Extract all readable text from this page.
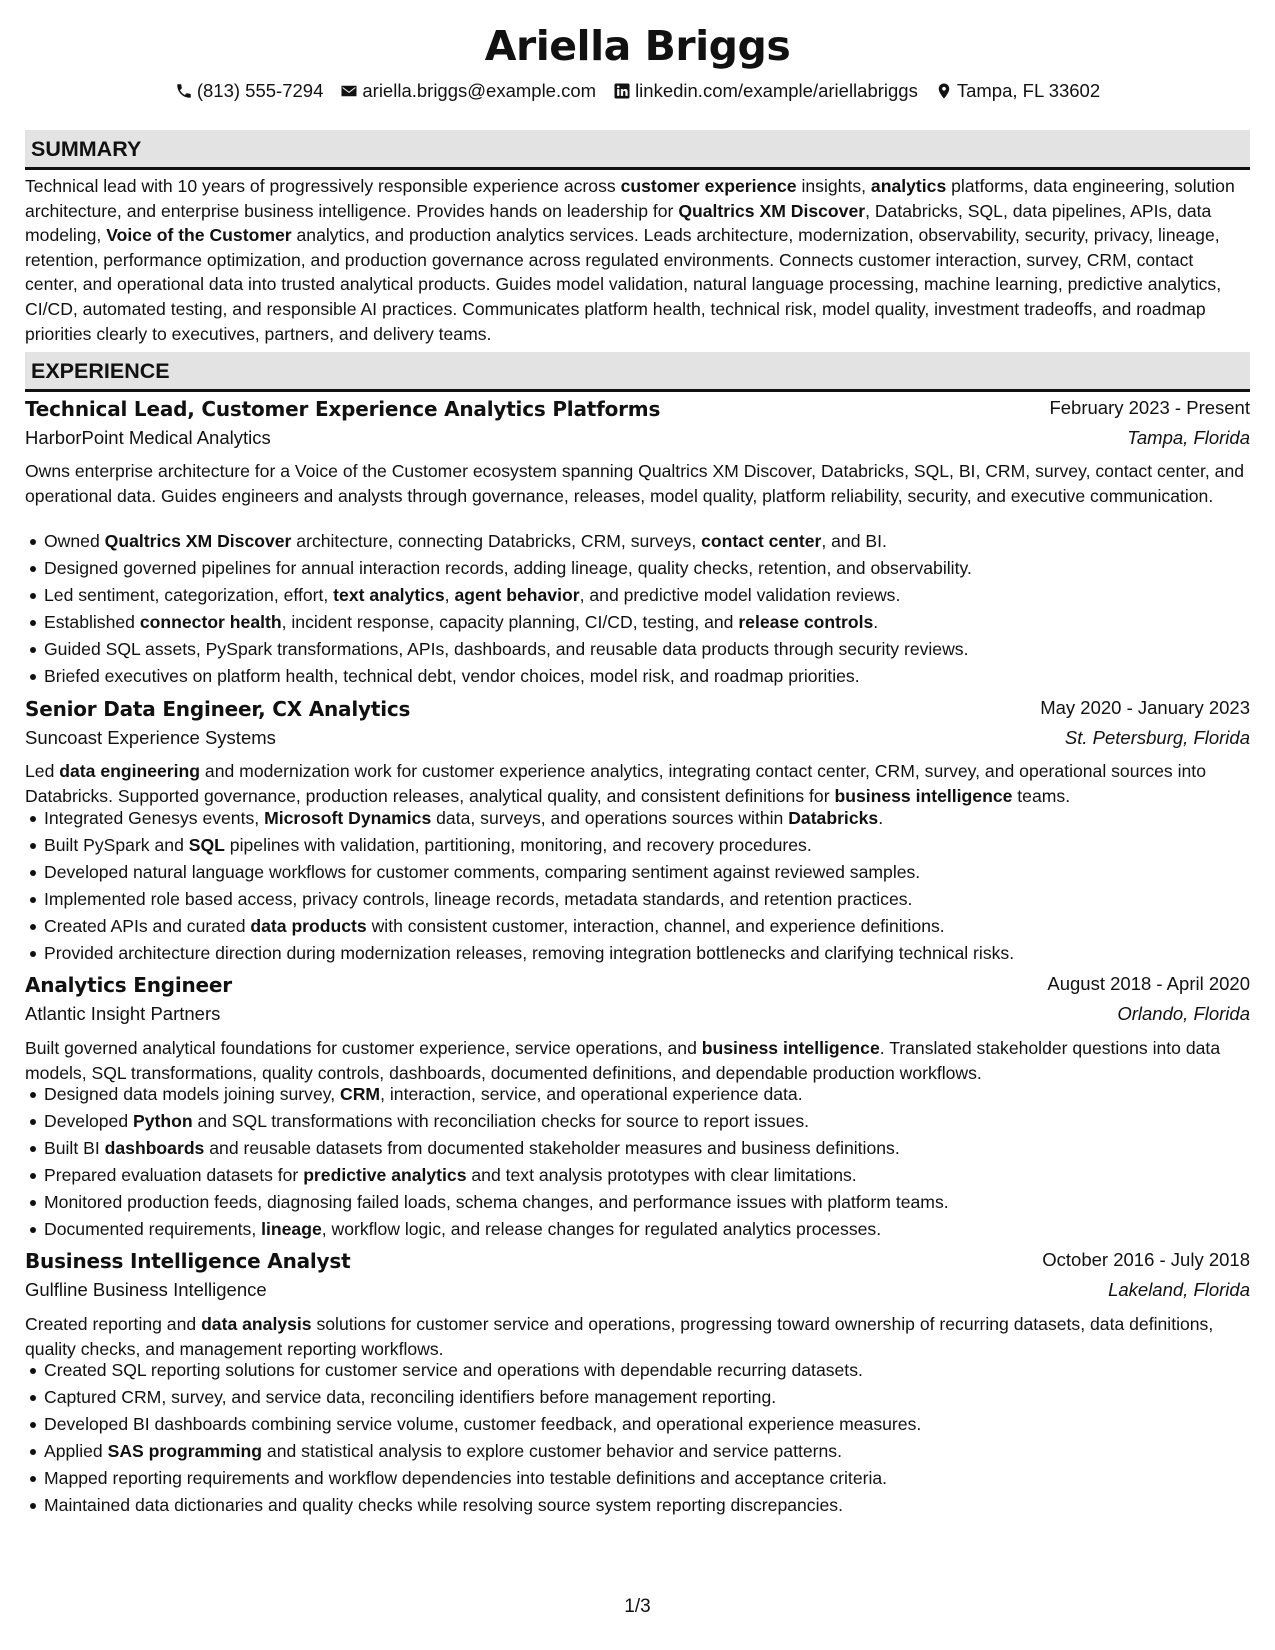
Ariella Briggs
(813) 555-7294 ariella.briggs@example.com linkedin.com/example/ariellabriggs Tampa, FL 33602
SUMMARY
Technical lead with 10 years of progressively responsible experience across customer experience insights, analytics platforms, data engineering, solution architecture, and enterprise business intelligence. Provides hands on leadership for Qualtrics XM Discover, Databricks, SQL, data pipelines, APIs, data modeling, Voice of the Customer analytics, and production analytics services. Leads architecture, modernization, observability, security, privacy, lineage, retention, performance optimization, and production governance across regulated environments. Connects customer interaction, survey, CRM, contact center, and operational data into trusted analytical products. Guides model validation, natural language processing, machine learning, predictive analytics, CI/CD, automated testing, and responsible AI practices. Communicates platform health, technical risk, model quality, investment tradeoffs, and roadmap priorities clearly to executives, partners, and delivery teams.
EXPERIENCE
Technical Lead, Customer Experience Analytics Platforms	February 2023 - Present
HarborPoint Medical Analytics	Tampa, Florida
Owns enterprise architecture for a Voice of the Customer ecosystem spanning Qualtrics XM Discover, Databricks, SQL, BI, CRM, survey, contact center, and operational data. Guides engineers and analysts through governance, releases, model quality, platform reliability, security, and executive communication.
Owned Qualtrics XM Discover architecture, connecting Databricks, CRM, surveys, contact center, and BI.
Designed governed pipelines for annual interaction records, adding lineage, quality checks, retention, and observability.
Led sentiment, categorization, effort, text analytics, agent behavior, and predictive model validation reviews.
Established connector health, incident response, capacity planning, CI/CD, testing, and release controls.
Guided SQL assets, PySpark transformations, APIs, dashboards, and reusable data products through security reviews.
Briefed executives on platform health, technical debt, vendor choices, model risk, and roadmap priorities.
Senior Data Engineer, CX Analytics	May 2020 - January 2023
Suncoast Experience Systems	St. Petersburg, Florida
Led data engineering and modernization work for customer experience analytics, integrating contact center, CRM, survey, and operational sources into Databricks. Supported governance, production releases, analytical quality, and consistent definitions for business intelligence teams.
Integrated Genesys events, Microsoft Dynamics data, surveys, and operations sources within Databricks.
Built PySpark and SQL pipelines with validation, partitioning, monitoring, and recovery procedures.
Developed natural language workflows for customer comments, comparing sentiment against reviewed samples.
Implemented role based access, privacy controls, lineage records, metadata standards, and retention practices.
Created APIs and curated data products with consistent customer, interaction, channel, and experience definitions.
Provided architecture direction during modernization releases, removing integration bottlenecks and clarifying technical risks.
Analytics Engineer	August 2018 - April 2020
Atlantic Insight Partners	Orlando, Florida
Built governed analytical foundations for customer experience, service operations, and business intelligence. Translated stakeholder questions into data models, SQL transformations, quality controls, dashboards, documented definitions, and dependable production workflows.
Designed data models joining survey, CRM, interaction, service, and operational experience data.
Developed Python and SQL transformations with reconciliation checks for source to report issues.
Built BI dashboards and reusable datasets from documented stakeholder measures and business definitions.
Prepared evaluation datasets for predictive analytics and text analysis prototypes with clear limitations.
Monitored production feeds, diagnosing failed loads, schema changes, and performance issues with platform teams.
Documented requirements, lineage, workflow logic, and release changes for regulated analytics processes.
Business Intelligence Analyst	October 2016 - July 2018
Gulfline Business Intelligence	Lakeland, Florida
Created reporting and data analysis solutions for customer service and operations, progressing toward ownership of recurring datasets, data definitions, quality checks, and management reporting workflows.
Created SQL reporting solutions for customer service and operations with dependable recurring datasets.
Captured CRM, survey, and service data, reconciling identifiers before management reporting.
Developed BI dashboards combining service volume, customer feedback, and operational experience measures.
Applied SAS programming and statistical analysis to explore customer behavior and service patterns.
Mapped reporting requirements and workflow dependencies into testable definitions and acceptance criteria.
Maintained data dictionaries and quality checks while resolving source system reporting discrepancies.
1/3
